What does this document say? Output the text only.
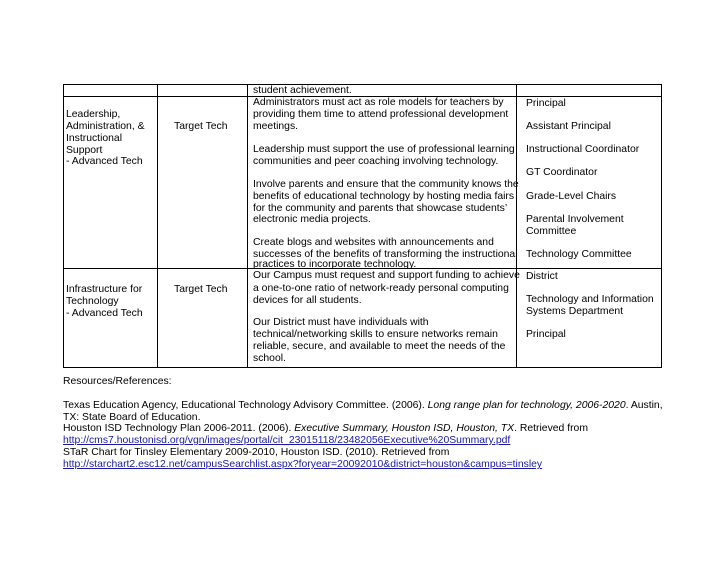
student achievement.
Leadership,
Administration, &
Instructional
Support
- Advanced Tech
Target Tech
Administrators must act as role models for teachers by
providing them time to attend professional development
meetings.
Leadership must support the use of professional learning
communities and peer coaching involving technology.
Involve parents and ensure that the community knows the
benefits of educational technology by hosting media fairs
for the community and parents that showcase students’
electronic media projects.
Create blogs and websites with announcements and
successes of the benefits of transforming the instructional
practices to incorporate technology.
Principal
Assistant Principal
Instructional Coordinator
GT Coordinator
Grade-Level Chairs
Parental Involvement
Committee
Technology Committee
Infrastructure for
Technology
- Advanced Tech
Target Tech
Our Campus must request and support funding to achieve
a one-to-one ratio of network-ready personal computing
devices for all students.
Our District must have individuals with
technical/networking skills to ensure networks remain
reliable, secure, and available to meet the needs of the
school.
District
Technology and Information
Systems Department
Principal
Resources/References:
Texas Education Agency, Educational Technology Advisory Committee. (2006). Long range plan for technology, 2006-2020. Austin,
TX: State Board of Education.
Houston ISD Technology Plan 2006-2011. (2006). Executive Summary, Houston ISD, Houston, TX. Retrieved from
http://cms7.houstonisd.org/vgn/images/portal/cit_23015118/23482056Executive%20Summary.pdf
STaR Chart for Tinsley Elementary 2009-2010, Houston ISD. (2010). Retrieved from
http://starchart2.esc12.net/campusSearchlist.aspx?foryear=20092010&district=houston&campus=tinsley
